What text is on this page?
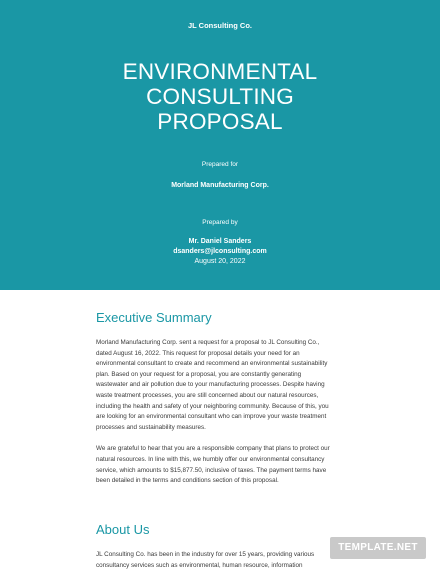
JL Consulting Co.
ENVIRONMENTAL
CONSULTING
PROPOSAL
Prepared for
Morland Manufacturing Corp.
Prepared by
Mr. Daniel Sanders
dsanders@jlconsulting.com
August 20, 2022
Executive Summary

Morland Manufacturing Corp. sent a request for a proposal to JL Consulting Co.,
dated August 16, 2022. This request for proposal details your need for an
environmental consultant to create and recommend an environmental sustainability
plan. Based on your request for a proposal, you are constantly generating
wastewater and air pollution due to your manufacturing processes. Despite having
waste treatment processes, you are still concerned about our natural resources,
including the health and safety of your neighboring community. Because of this, you
are looking for an environmental consultant who can improve your waste treatment
processes and sustainability measures.

We are grateful to hear that you are a responsible company that plans to protect our
natural resources. In line with this, we humbly offer our environmental consultancy
service, which amounts to $15,877.50, inclusive of taxes. The payment terms have
been detailed in the terms and conditions section of this proposal.

About Us

JL Consulting Co. has been in the industry for over 15 years, providing various
consultancy services such as environmental, human resource, information

TEMPLATE.NET
